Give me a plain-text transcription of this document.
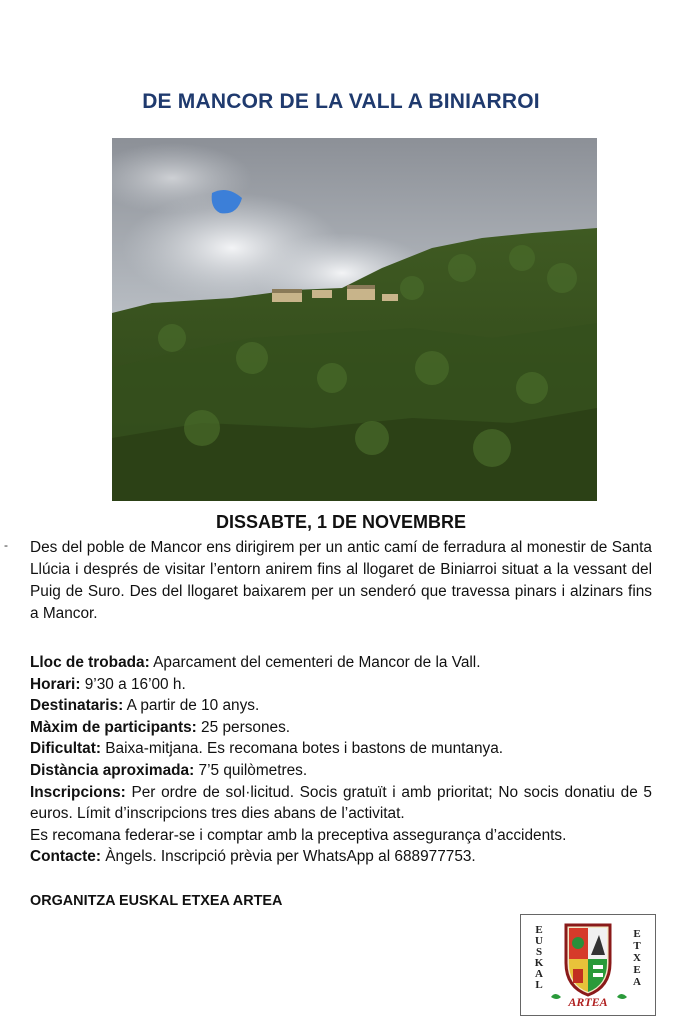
DE MANCOR DE LA VALL A BINIARROI
DISSABTE, 1 DE NOVEMBRE
- Des del poble de Mancor ens dirigirem per un antic camí de ferradura al monestir de Santa Llúcia i després de visitar l’entorn anirem fins al llogaret de Biniarroi situat a la vessant del Puig de Suro. Des del llogaret baixarem per un senderó que travessa pinars i alzinars fins a Mancor.

Lloc de trobada: Aparcament del cementeri de Mancor de la Vall.

Horari: 9’30 a 16’00 h.

Destinataris: A partir de 10 anys.

Màxim de participants: 25 persones.

Dificultat: Baixa-mitjana. Es recomana botes i bastons de muntanya.

Distància aproximada: 7’5 quilòmetres.

Inscripcions: Per ordre de sol·licitud. Socis gratuït i amb prioritat; No socis donatiu de 5 euros. Límit d’inscripcions tres dies abans de l’activitat.

Es recomana federar-se i comptar amb la preceptiva assegurança d’accidents.

Contacte: Àngels. Inscripció prèvia per WhatsApp al 688977753.

ORGANITZA EUSKAL ETXEA ARTEA
E
U
S
K
A
L
E
T
X
E
A
ARTEA
